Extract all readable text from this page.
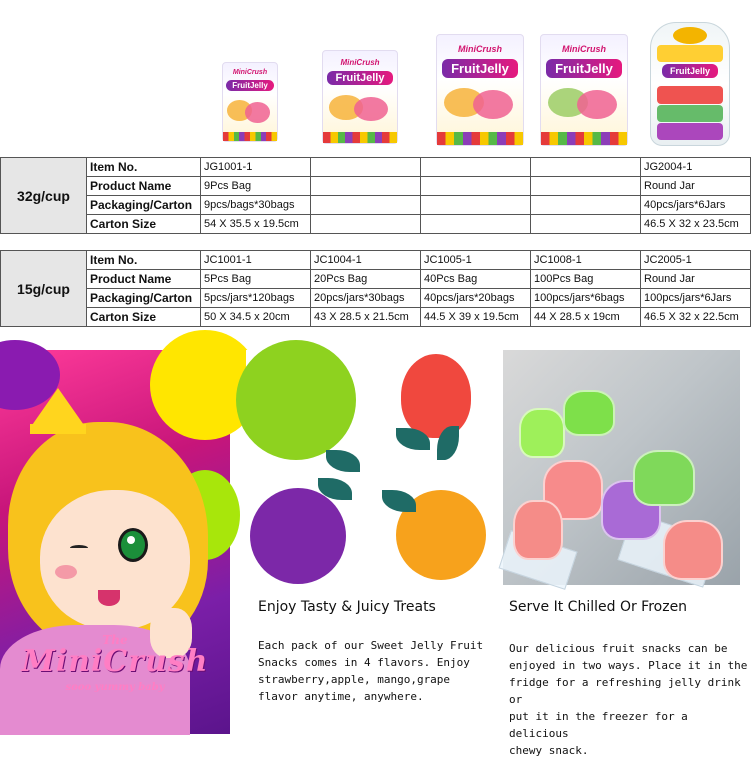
MiniCrush
FruitJelly
MiniCrush
FruitJelly
MiniCrush
FruitJelly
MiniCrush
FruitJelly	FruitJelly
32g/cup	Item No.	JG1001-1				JG2004-1
	Product Name	9Pcs Bag				Round Jar
	Packaging/Carton	9pcs/bags*30bags				40pcs/jars*6Jars
	Carton Size	54 X 35.5 x 19.5cm				46.5 X 32 x 23.5cm
15g/cup	Item No.	JC1001-1	JC1004-1	JC1005-1	JC1008-1	JC2005-1
	Product Name	5Pcs Bag	20Pcs Bag	40Pcs Bag	100Pcs Bag	Round Jar
	Packaging/Carton	5pcs/jars*120bags	20pcs/jars*30bags	40pcs/jars*20bags	100pcs/jars*6bags	100pcs/jars*6Jars
	Carton Size	50 X 34.5 x 20cm	43 X 28.5 x 21.5cm	44.5 X 39 x 19.5cm	44 X 28.5 x 19cm	46.5 X 32 x 22.5cm
The
MiniCrush
sooo yummy baby
Enjoy Tasty & Juicy Treats
Each pack of our Sweet Jelly Fruit
Snacks comes in 4 flavors. Enjoy
strawberry,apple, mango,grape
flavor anytime, anywhere.
Serve It Chilled Or Frozen
Our delicious fruit snacks can be
enjoyed in two ways. Place it in the
fridge for a refreshing jelly drink or
put it in the freezer for a delicious
chewy snack.
